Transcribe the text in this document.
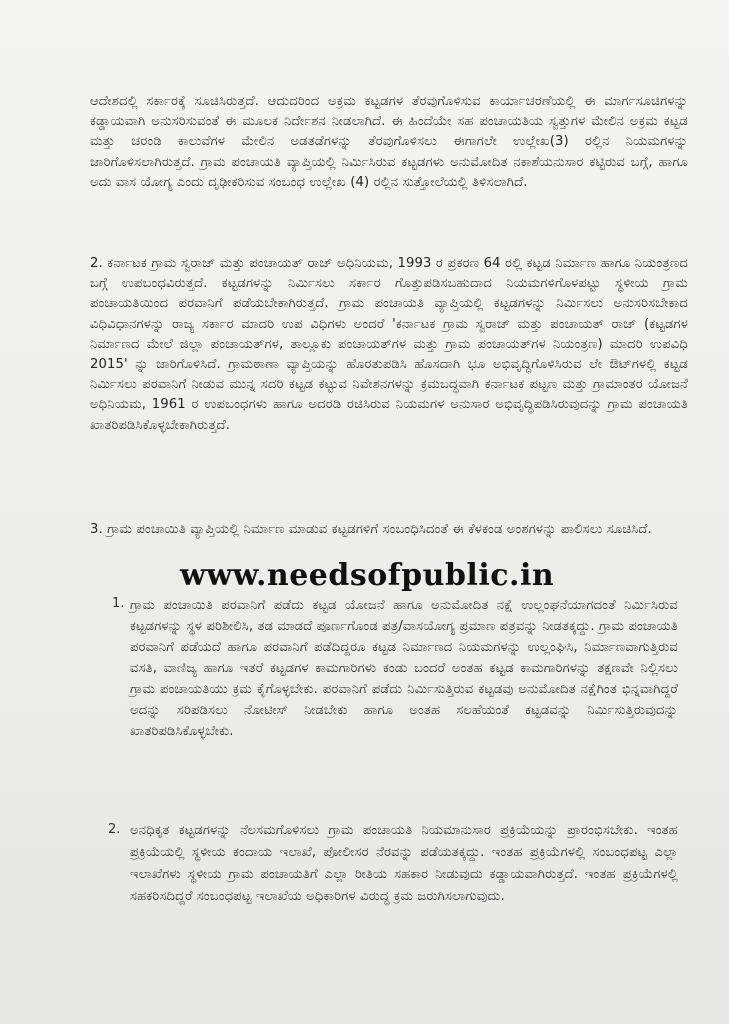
ಆದೇಶದಲ್ಲಿ ಸರ್ಕಾರಕ್ಕೆ ಸೂಚಿಸಿರುತ್ತದೆ. ಆದುದರಿಂದ ಅಕ್ರಮ ಕಟ್ಟಡಗಳ ತೆರವುಗೊಳಿಸುವ ಕಾರ್ಯಾಚರಣೆಯಲ್ಲಿ ಈ ಮಾರ್ಗಸೂಚಿಗಳನ್ನು ಕಡ್ಡಾಯವಾಗಿ ಅನುಸರಿಸುವಂತೆ ಈ ಮೂಲಕ ನಿರ್ದೇಶನ ನೀಡಲಾಗಿದೆ. ಈ ಹಿಂದೆಯೇ ಸಹ ಪಂಚಾಯತಿಯ ಸ್ವತ್ತುಗಳ ಮೇಲಿನ ಅಕ್ರಮ ಕಟ್ಟಡ ಮತ್ತು ಚರಂಡಿ ಕಾಲುವೆಗಳ ಮೇಲಿನ ಅಡತಡೆಗಳನ್ನು ತೆರವುಗೊಳಿಸಲು ಈಗಾಗಲೇ ಉಲ್ಲೇಖ(3) ರಲ್ಲಿನ ನಿಯಮಗಳನ್ನು ಜಾರಿಗೊಳಿಸಲಾಗಿರುತ್ತದೆ. ಗ್ರಾಮ ಪಂಚಾಯತಿ ವ್ಯಾಪ್ತಿಯಲ್ಲಿ ನಿರ್ಮಿಸಿರುವ ಕಟ್ಟಡಗಳು ಅನುಮೋದಿತ ನಕಾಶೆಯನುಸಾರ ಕಟ್ಟಿರುವ ಬಗ್ಗೆ, ಹಾಗೂ ಅದು ವಾಸ ಯೋಗ್ಯ ಎಂದು ದೃಢೀಕರಿಸುವ ಸಂಬಂಧ ಉಲ್ಲೇಖ (4) ರಲ್ಲಿನ ಸುತ್ತೋಲೆಯಲ್ಲಿ ತಿಳಿಸಲಾಗಿದೆ.
2. ಕರ್ನಾಟಕ ಗ್ರಾಮ ಸ್ವರಾಜ್ ಮತ್ತು ಪಂಚಾಯತ್ ರಾಜ್ ಅಧಿನಿಯಮ, 1993 ರ ಪ್ರಕರಣ 64 ರಲ್ಲಿ ಕಟ್ಟಡ ನಿರ್ಮಾಣ ಹಾಗೂ ನಿಯಂತ್ರಣದ ಬಗ್ಗೆ ಉಪಬಂಧವಿರುತ್ತದೆ. ಕಟ್ಟಡಗಳನ್ನು ನಿರ್ಮಿಸಲು ಸರ್ಕಾರ ಗೊತ್ತುಪಡಿಸಬಹುದಾದ ನಿಯಮಗಳಿಗೊಳಪಟ್ಟು ಸ್ಥಳೀಯ ಗ್ರಾಮ ಪಂಚಾಯತಿಯಿಂದ ಪರವಾನಿಗೆ ಪಡೆಯಬೇಕಾಗಿರುತ್ತದೆ. ಗ್ರಾಮ ಪಂಚಾಯತಿ ವ್ಯಾಪ್ತಿಯಲ್ಲಿ ಕಟ್ಟಡಗಳನ್ನು ನಿರ್ಮಿಸಲು ಅನುಸರಿಸಬೇಕಾದ ವಿಧಿವಿಧಾನಗಳನ್ನು ರಾಜ್ಯ ಸರ್ಕಾರ ಮಾದರಿ ಉಪ ವಿಧಿಗಳು ಅಂದರೆ 'ಕರ್ನಾಟಕ ಗ್ರಾಮ ಸ್ವರಾಜ್ ಮತ್ತು ಪಂಚಾಯತ್ ರಾಜ್ (ಕಟ್ಟಡಗಳ ನಿರ್ಮಾಣದ ಮೇಲೆ ಜಿಲ್ಲಾ ಪಂಚಾಯತ್‌ಗಳ, ತಾಲ್ಲೂಕು ಪಂಚಾಯತ್‌ಗಳ ಮತ್ತು ಗ್ರಾಮ ಪಂಚಾಯತ್‌ಗಳ ನಿಯಂತ್ರಣ) ಮಾದರಿ ಉಪವಿಧಿ 2015' ನ್ನು ಜಾರಿಗೊಳಿಸಿದೆ. ಗ್ರಾಮಠಾಣಾ ವ್ಯಾಪ್ತಿಯನ್ನು ಹೊರತುಪಡಿಸಿ ಹೊಸದಾಗಿ ಭೂ ಅಭಿವೃದ್ಧಿಗೊಳಿಸಿರುವ ಲೇ ಔಟ್‌ಗಳಲ್ಲಿ ಕಟ್ಟಡ ನಿರ್ಮಿಸಲು ಪರವಾನಿಗೆ ನೀಡುವ ಮುನ್ನ ಸದರಿ ಕಟ್ಟಡ ಕಟ್ಟುವ ನಿವೇಶನಗಳನ್ನು ಕ್ರಮಬದ್ಧವಾಗಿ ಕರ್ನಾಟಕ ಪಟ್ಟಣ ಮತ್ತು ಗ್ರಾಮಾಂತರ ಯೋಜನೆ ಅಧಿನಿಯಮ, 1961 ರ ಉಪಬಂಧಗಳು ಹಾಗೂ ಅದರಡಿ ರಚಿಸಿರುವ ನಿಯಮಗಳ ಅನುಸಾರ ಅಭಿವೃದ್ಧಿಪಡಿಸಿರುವುದನ್ನು ಗ್ರಾಮ ಪಂಚಾಯತಿ ಖಾತರಿಪಡಿಸಿಕೊಳ್ಳಬೇಕಾಗಿರುತ್ತದೆ.
3. ಗ್ರಾಮ ಪಂಚಾಯಿತಿ ವ್ಯಾಪ್ತಿಯಲ್ಲಿ ನಿರ್ಮಾಣ ಮಾಡುವ ಕಟ್ಟಡಗಳಿಗೆ ಸಂಬಂಧಿಸಿದಂತೆ ಈ ಕೆಳಕಂಡ ಅಂಶಗಳನ್ನು ಪಾಲಿಸಲು ಸೂಚಿಸಿದೆ.
www.needsofpublic.in
1. ಗ್ರಾಮ ಪಂಚಾಯಿತಿ ಪರವಾನಿಗೆ ಪಡೆದು ಕಟ್ಟಡ ಯೋಜನೆ ಹಾಗೂ ಅನುಮೋದಿತ ನಕ್ಷೆ ಉಲ್ಲಂಘನೆಯಾಗದಂತೆ ನಿರ್ಮಿಸಿರುವ ಕಟ್ಟಡಗಳನ್ನು ಸ್ಥಳ ಪರಿಶೀಲಿಸಿ, ತಡ ಮಾಡದೆ ಪೂರ್ಣಗೊಂಡ ಪತ್ರ/ವಾಸಯೋಗ್ಯ ಪ್ರಮಾಣ ಪತ್ರವನ್ನು ನೀಡತಕ್ಕದ್ದು. ಗ್ರಾಮ ಪಂಚಾಯತಿ ಪರವಾನಿಗೆ ಪಡೆಯದೆ ಹಾಗೂ ಪರವಾನಿಗೆ ಪಡೆದಿದ್ದರೂ ಕಟ್ಟಡ ನಿರ್ಮಾಣದ ನಿಯಮಗಳನ್ನು ಉಲ್ಲಂಘಿಸಿ, ನಿರ್ಮಾಣವಾಗುತ್ತಿರುವ ವಸತಿ, ವಾಣಿಜ್ಯ ಹಾಗೂ ಇತರೆ ಕಟ್ಟಡಗಳ ಕಾಮಗಾರಿಗಳು ಕಂಡು ಬಂದರೆ ಅಂತಹ ಕಟ್ಟಡ ಕಾಮಗಾರಿಗಳನ್ನು ತಕ್ಷಣವೇ ನಿಲ್ಲಿಸಲು ಗ್ರಾಮ ಪಂಚಾಯತಿಯು ಕ್ರಮ ಕೈಗೊಳ್ಳಬೇಕು. ಪರವಾನಿಗೆ ಪಡೆದು ನಿರ್ಮಿಸುತ್ತಿರುವ ಕಟ್ಟಡವು ಅನುಮೋದಿತ ನಕ್ಷೆಗಿಂತ ಭಿನ್ನವಾಗಿದ್ದರೆ ಅದನ್ನು ಸರಿಪಡಿಸಲು ನೋಟೀಸ್ ನೀಡಬೇಕು ಹಾಗೂ ಅಂತಹ ಸಲಹೆಯಂತೆ ಕಟ್ಟಡವನ್ನು ನಿರ್ಮಿಸುತ್ತಿರುವುದನ್ನು ಖಾತರಿಪಡಿಸಿಕೊಳ್ಳಬೇಕು.
2. ಅನಧಿಕೃತ ಕಟ್ಟಡಗಳನ್ನು ನೆಲಸಮಗೊಳಿಸಲು ಗ್ರಾಮ ಪಂಚಾಯತಿ ನಿಯಮಾನುಸಾರ ಪ್ರಕ್ರಿಯೆಯನ್ನು ಪ್ರಾರಂಭಿಸಬೇಕು. ಇಂತಹ ಪ್ರಕ್ರಿಯೆಯಲ್ಲಿ ಸ್ಥಳೀಯ ಕಂದಾಯ ಇಲಾಖೆ, ಪೋಲೀಸರ ನೆರವನ್ನು ಪಡೆಯತಕ್ಕದ್ದು. ಇಂತಹ ಪ್ರಕ್ರಿಯೆಗಳಲ್ಲಿ ಸಂಬಂಧಪಟ್ಟ ಎಲ್ಲಾ ಇಲಾಖೆಗಳು ಸ್ಥಳೀಯ ಗ್ರಾಮ ಪಂಚಾಯತಿಗೆ ಎಲ್ಲಾ ರೀತಿಯ ಸಹಕಾರ ನೀಡುವುದು ಕಡ್ಡಾಯವಾಗಿರುತ್ತದೆ. ಇಂತಹ ಪ್ರಕ್ರಿಯೆಗಳಲ್ಲಿ ಸಹಕರಿಸದಿದ್ದರೆ ಸಂಬಂಧಪಟ್ಟ ಇಲಾಖೆಯ ಅಧಿಕಾರಿಗಳ ವಿರುದ್ಧ ಕ್ರಮ ಜರುಗಿಸಲಾಗುವುದು.
